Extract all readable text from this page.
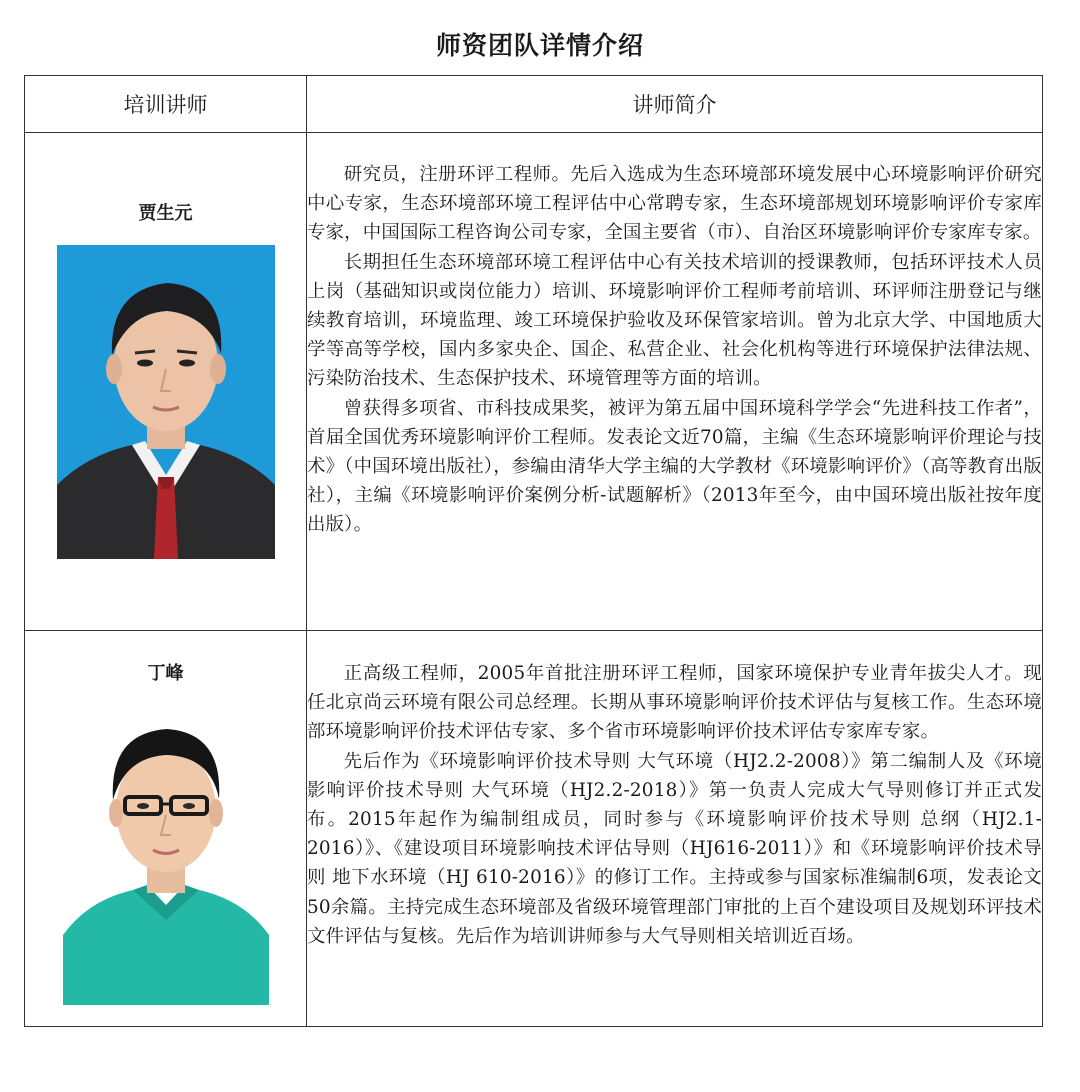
师资团队详情介绍
培训讲师	讲师简介

贾生元	研究员，注册环评工程师。先后入选成为生态环境部环境发展中心环境影响评价研究中心专家，生态环境部环境工程评估中心常聘专家，生态环境部规划环境影响评价专家库专家，中国国际工程咨询公司专家，全国主要省（市）、自治区环境影响评价专家库专家。

长期担任生态环境部环境工程评估中心有关技术培训的授课教师，包括环评技术人员上岗（基础知识或岗位能力）培训、环境影响评价工程师考前培训、环评师注册登记与继续教育培训，环境监理、竣工环境保护验收及环保管家培训。曾为北京大学、中国地质大学等高等学校，国内多家央企、国企、私营企业、社会化机构等进行环境保护法律法规、污染防治技术、生态保护技术、环境管理等方面的培训。

曾获得多项省、市科技成果奖，被评为第五届中国环境科学学会“先进科技工作者”，首届全国优秀环境影响评价工程师。发表论文近70篇，主编《生态环境影响评价理论与技术》（中国环境出版社），参编由清华大学主编的大学教材《环境影响评价》（高等教育出版社），主编《环境影响评价案例分析-试题解析》（2013年至今，由中国环境出版社按年度出版）。

丁峰	正高级工程师，2005年首批注册环评工程师，国家环境保护专业青年拔尖人才。现任北京尚云环境有限公司总经理。长期从事环境影响评价技术评估与复核工作。生态环境部环境影响评价技术评估专家、多个省市环境影响评价技术评估专家库专家。

先后作为《环境影响评价技术导则 大气环境（HJ2.2-2008）》第二编制人及《环境影响评价技术导则 大气环境（HJ2.2-2018）》第一负责人完成大气导则修订并正式发布。2015年起作为编制组成员，同时参与《环境影响评价技术导则 总纲（HJ2.1-2016）》、《建设项目环境影响技术评估导则（HJ616-2011）》和《环境影响评价技术导则 地下水环境（HJ 610-2016）》的修订工作。主持或参与国家标准编制6项，发表论文50余篇。主持完成生态环境部及省级环境管理部门审批的上百个建设项目及规划环评技术文件评估与复核。先后作为培训讲师参与大气导则相关培训近百场。
